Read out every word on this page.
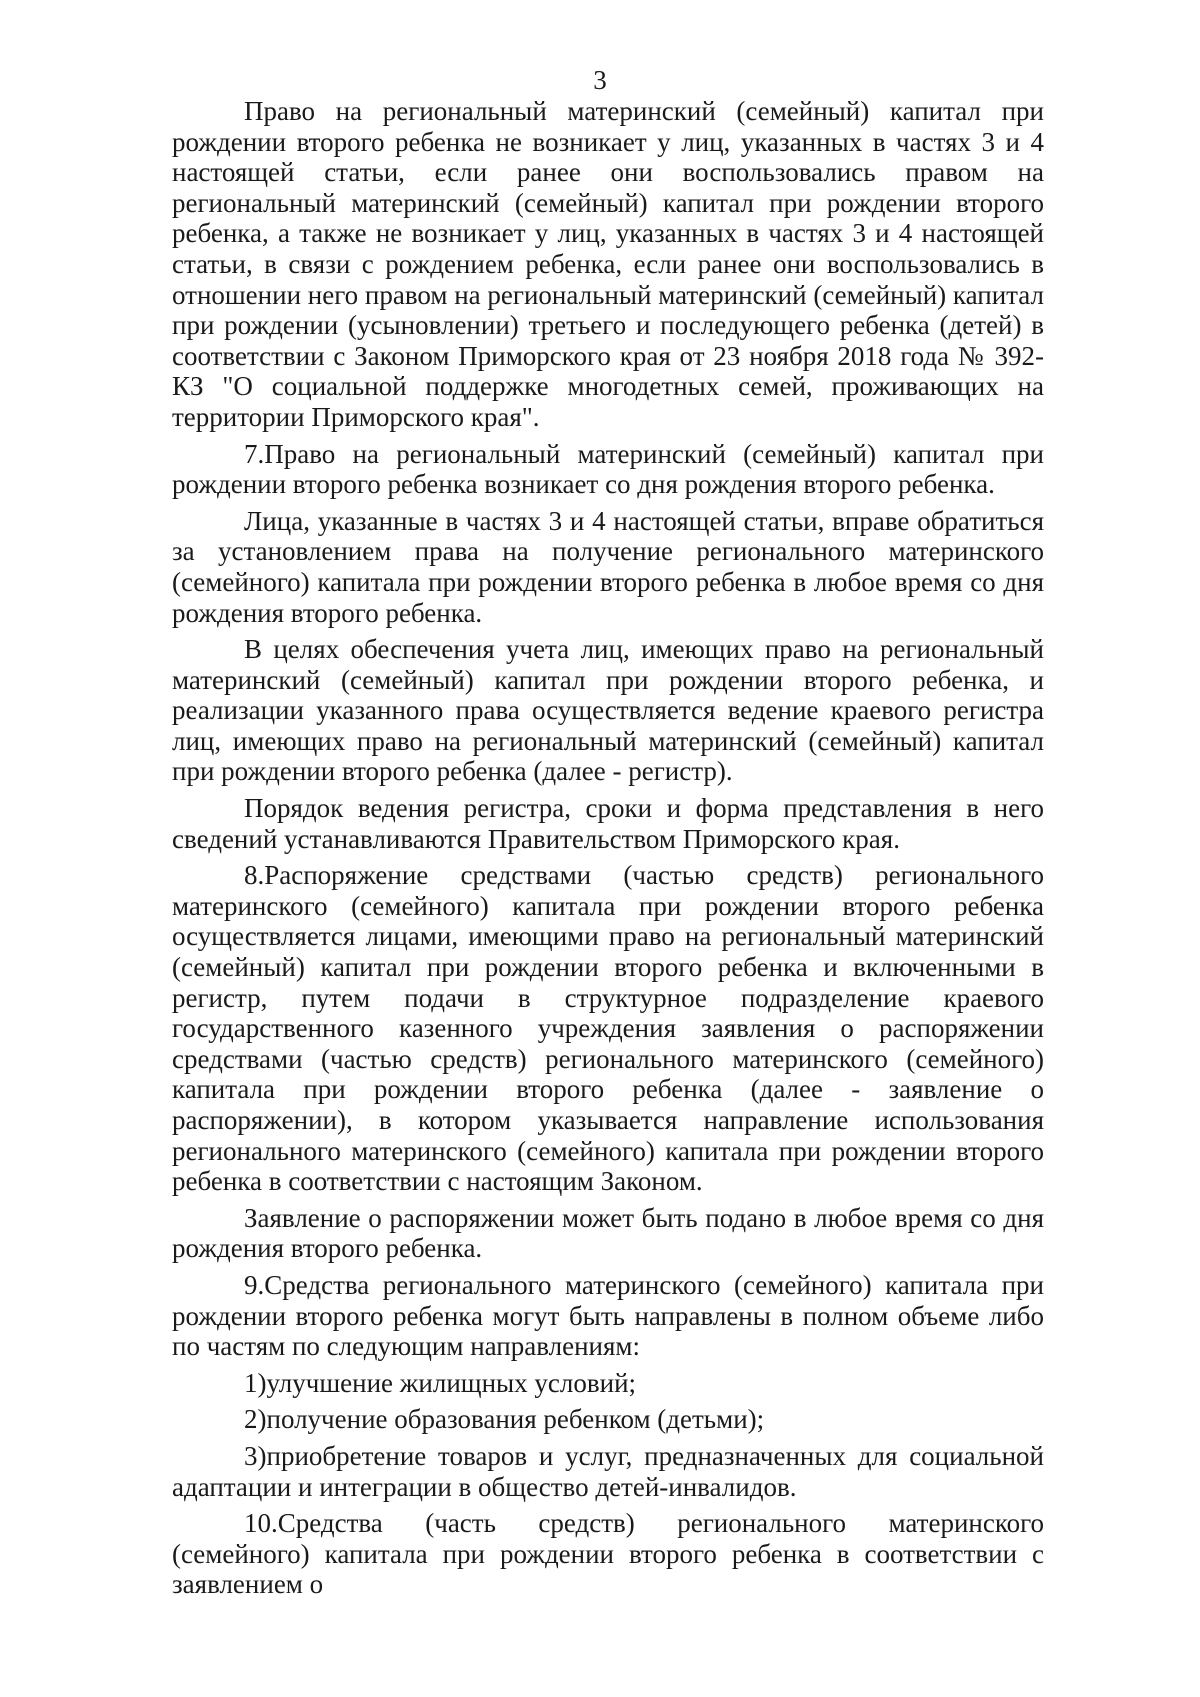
3

Право на региональный материнский (семейный) капитал при рождении второго ребенка не возникает у лиц, указанных в частях 3 и 4 настоящей статьи, если ранее они воспользовались правом на региональный материнский (семейный) капитал при рождении второго ребенка, а также не возникает у лиц, указанных в частях 3 и 4 настоящей статьи, в связи с рождением ребенка, если ранее они воспользовались в отношении него правом на региональный материнский (семейный) капитал при рождении (усыновлении) третьего и последующего ребенка (детей) в соответствии с Законом Приморского края от 23 ноября 2018 года № 392-КЗ "О социальной поддержке многодетных семей, проживающих на территории Приморского края".

7.Право на региональный материнский (семейный) капитал при рождении второго ребенка возникает со дня рождения второго ребенка.

Лица, указанные в частях 3 и 4 настоящей статьи, вправе обратиться за установлением права на получение регионального материнского (семейного) капитала при рождении второго ребенка в любое время со дня рождения второго ребенка.

В целях обеспечения учета лиц, имеющих право на региональный материнский (семейный) капитал при рождении второго ребенка, и реализации указанного права осуществляется ведение краевого регистра лиц, имеющих право на региональный материнский (семейный) капитал при рождении второго ребенка (далее - регистр).

Порядок ведения регистра, сроки и форма представления в него сведений устанавливаются Правительством Приморского края.

8.Распоряжение средствами (частью средств) регионального материнского (семейного) капитала при рождении второго ребенка осуществляется лицами, имеющими право на региональный материнский (семейный) капитал при рождении второго ребенка и включенными в регистр, путем подачи в структурное подразделение краевого государственного казенного учреждения заявления о распоряжении средствами (частью средств) регионального материнского (семейного) капитала при рождении второго ребенка (далее - заявление о распоряжении), в котором указывается направление использования регионального материнского (семейного) капитала при рождении второго ребенка в соответствии с настоящим Законом.

Заявление о распоряжении может быть подано в любое время со дня рождения второго ребенка.

9.Средства регионального материнского (семейного) капитала при рождении второго ребенка могут быть направлены в полном объеме либо по частям по следующим направлениям:

1)улучшение жилищных условий;

2)получение образования ребенком (детьми);

3)приобретение товаров и услуг, предназначенных для социальной адаптации и интеграции в общество детей-инвалидов.

10.Средства (часть средств) регионального материнского (семейного) капитала при рождении второго ребенка в соответствии с заявлением о
